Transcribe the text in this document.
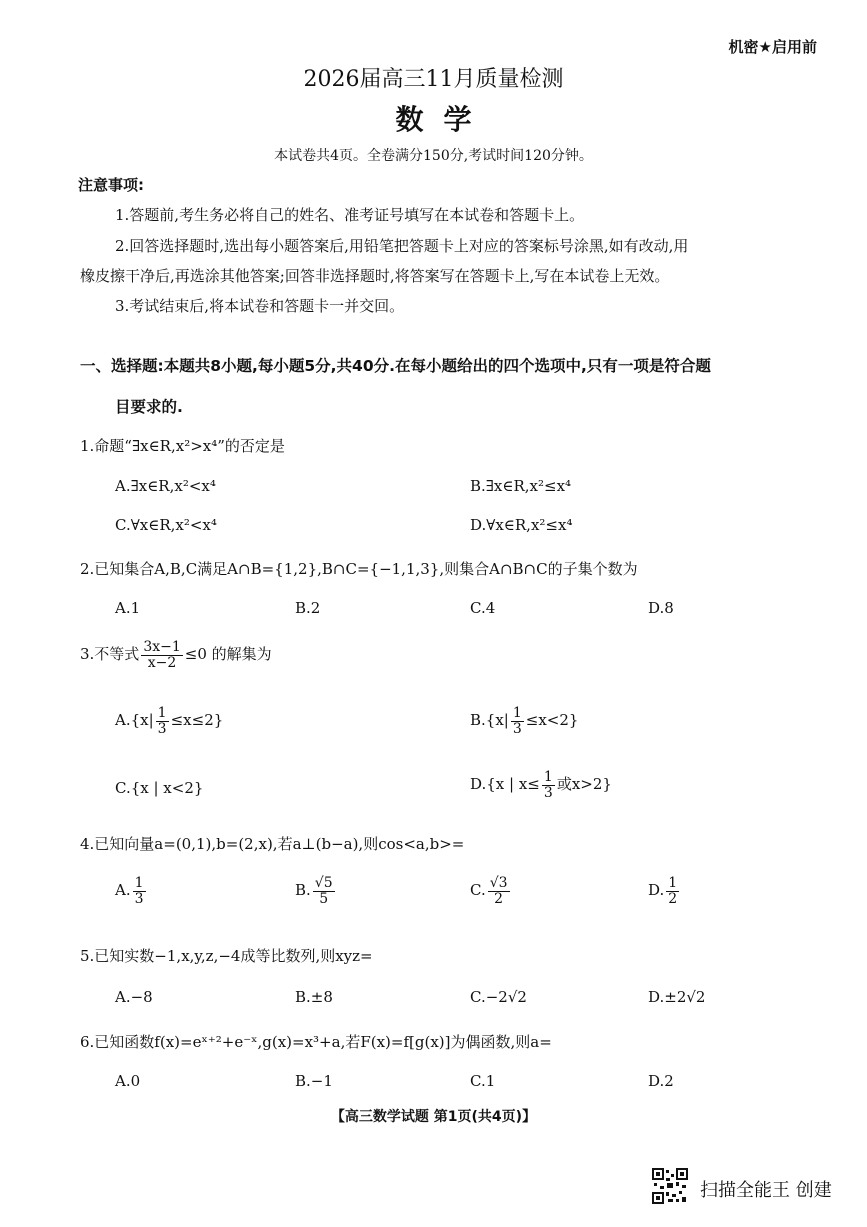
机密★启用前
2026届高三11月质量检测
数学
本试卷共4页。全卷满分150分,考试时间120分钟。
注意事项:
1.答题前,考生务必将自己的姓名、准考证号填写在本试卷和答题卡上。
2.回答选择题时,选出每小题答案后,用铅笔把答题卡上对应的答案标号涂黑,如有改动,用
橡皮擦干净后,再选涂其他答案;回答非选择题时,将答案写在答题卡上,写在本试卷上无效。
3.考试结束后,将本试卷和答题卡一并交回。
一、选择题:本题共8小题,每小题5分,共40分.在每小题给出的四个选项中,只有一项是符合题
目要求的.
1.命题“∃x∈R,x²>x⁴”的否定是
A.∃x∈R,x²<x⁴	B.∃x∈R,x²≤x⁴
C.∀x∈R,x²<x⁴	D.∀x∈R,x²≤x⁴
2.已知集合A,B,C满足A∩B={1,2},B∩C={−1,1,3},则集合A∩B∩C的子集个数为
A.1	B.2	C.4	D.8
3.不等式 $\frac{3x-1}{x-2} \le 0$ 的解集为
$A.\{x| \frac{1}{3} \le x\le 2\}$	$B.\{x| \frac{1}{3} \le x<2\}$
C.{x | x<2}	D.{x | $x\le \frac{1}{3}$ 或x>2}
4.已知向量a=(0,1),b=(2,x),若a⊥(b−a),则cos<a,b>=
A. $\frac{1}{3}$	B. $\frac{√5}{5}$	C. $\frac{√3}{2}$	D. $\frac{1}{2}$
5.已知实数−1,x,y,z,−4成等比数列,则xyz=
A.−8	B.±8	C.−2√2	D.±2√2
6.已知函数f(x)=eˣ⁺²+e⁻ˣ,g(x)=x³+a,若F(x)=f[g(x)]为偶函数,则a=
A.0	B.−1	C.1	D.2
【高三数学试题 第1页(共4页)】
扫描全能王 创建
